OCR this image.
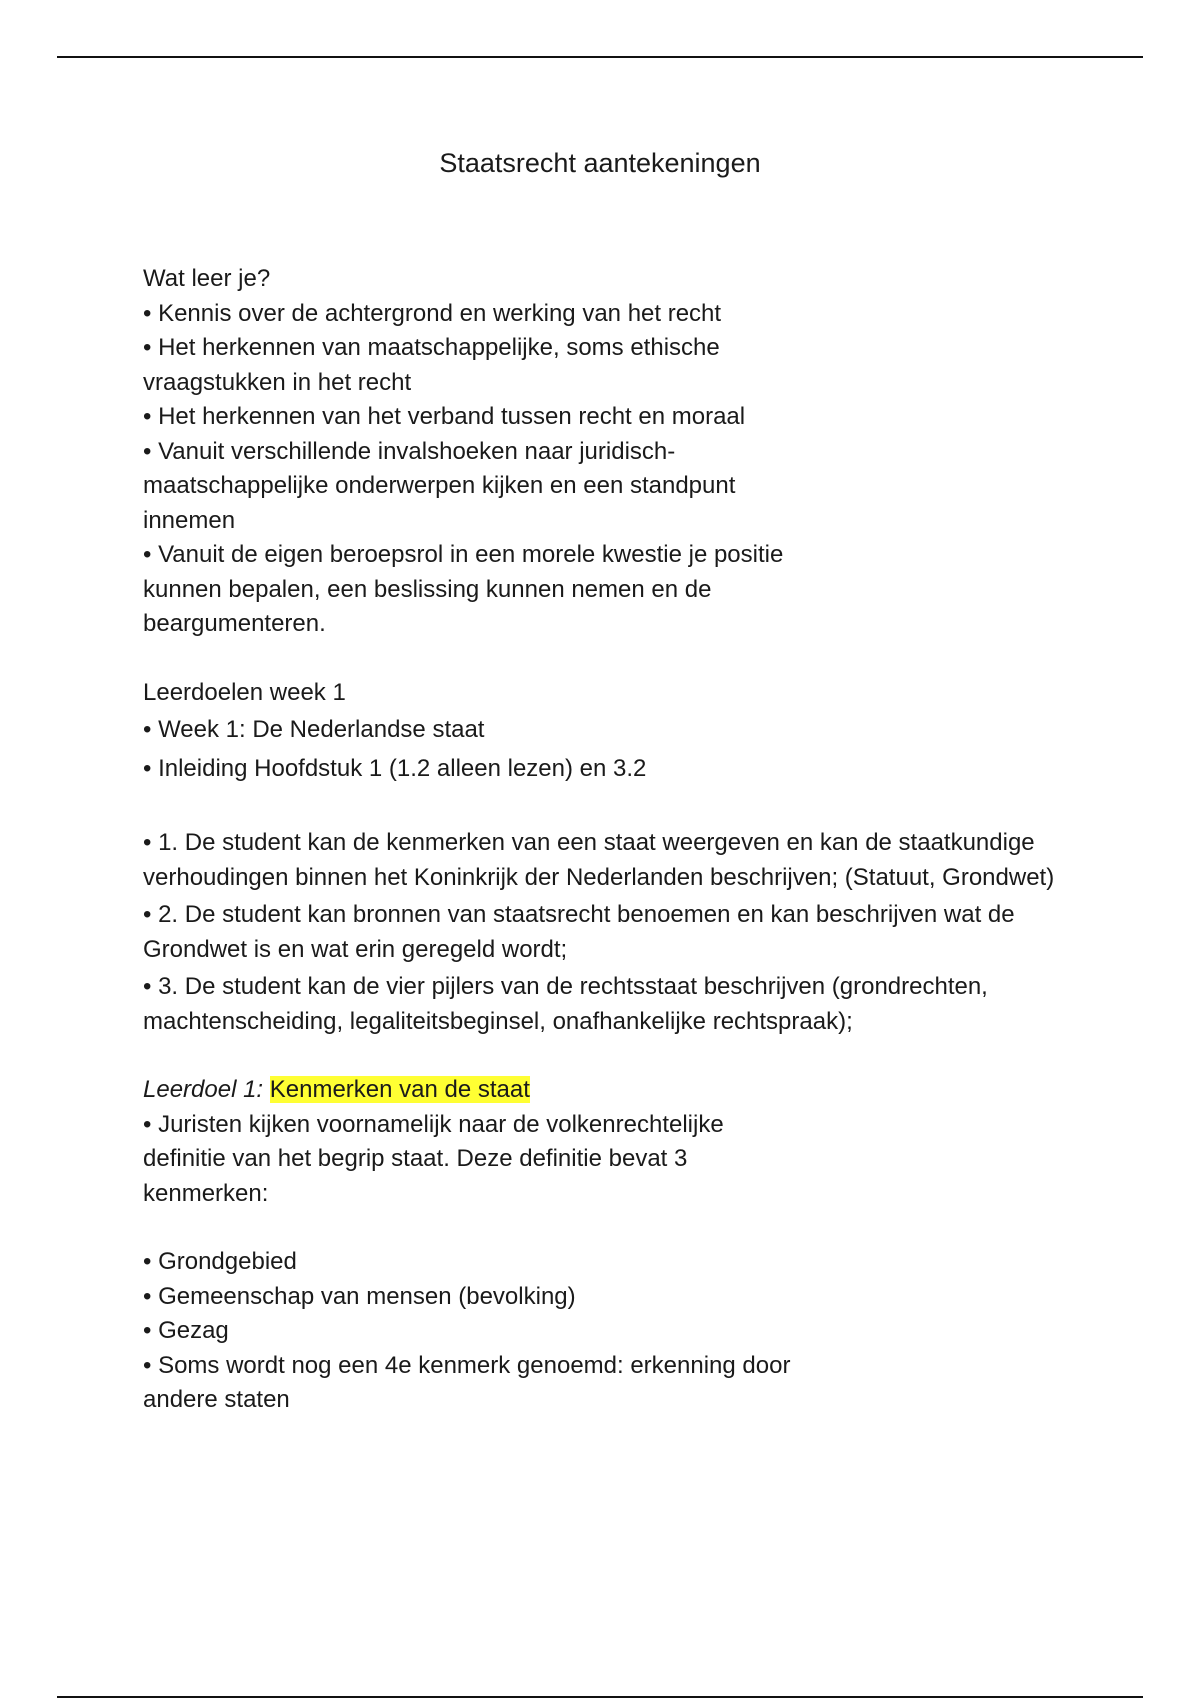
Staatsrecht aantekeningen

Wat leer je?

• Kennis over de achtergrond en werking van het recht

• Het herkennen van maatschappelijke, soms ethische vraagstukken in het recht

• Het herkennen van het verband tussen recht en moraal

• Vanuit verschillende invalshoeken naar juridisch-maatschappelijke onderwerpen kijken en een standpunt innemen

• Vanuit de eigen beroepsrol in een morele kwestie je positie kunnen bepalen, een beslissing kunnen nemen en de beargumenteren.

Leerdoelen week 1

• Week 1: De Nederlandse staat

• Inleiding Hoofdstuk 1 (1.2 alleen lezen) en 3.2

• 1. De student kan de kenmerken van een staat weergeven en kan de staatkundige verhoudingen binnen het Koninkrijk der Nederlanden beschrijven; (Statuut, Grondwet)

• 2. De student kan bronnen van staatsrecht benoemen en kan beschrijven wat de Grondwet is en wat erin geregeld wordt;

• 3. De student kan de vier pijlers van de rechtsstaat beschrijven (grondrechten, machtenscheiding, legaliteitsbeginsel, onafhankelijke rechtspraak);

Leerdoel 1: Kenmerken van de staat

• Juristen kijken voornamelijk naar de volkenrechtelijke definitie van het begrip staat. Deze definitie bevat 3 kenmerken:

• Grondgebied

• Gemeenschap van mensen (bevolking)

• Gezag

• Soms wordt nog een 4e kenmerk genoemd: erkenning door andere staten
